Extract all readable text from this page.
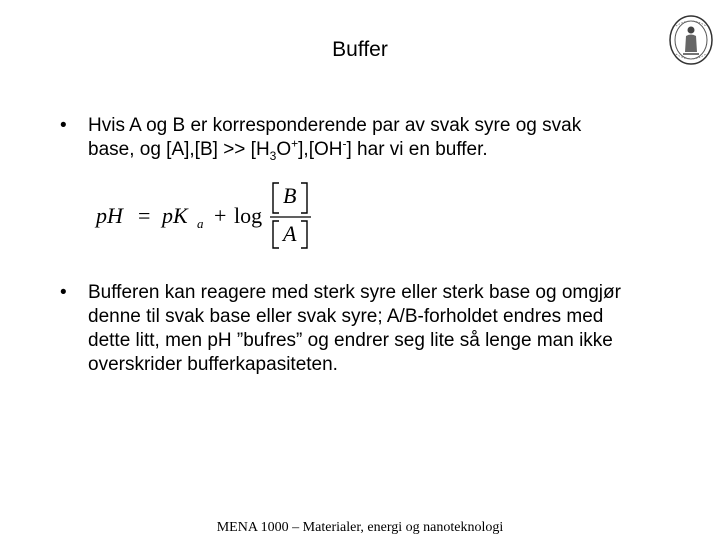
Buffer
• Hvis A og B er korresponderende par av svak syre og svak
base, og $[A],[B] >> [H_3O^+],[OH^-]$ har vi en buffer.
pH = pK a + log
B
A
• Bufferen kan reagere med sterk syre eller sterk base og omgjør
denne til svak base eller svak syre; A/B-forholdet endres med
dette litt, men pH ”bufres” og endrer seg lite så lenge man ikke
overskrider bufferkapasiteten.
MENA 1000 – Materialer, energi og nanoteknologi
